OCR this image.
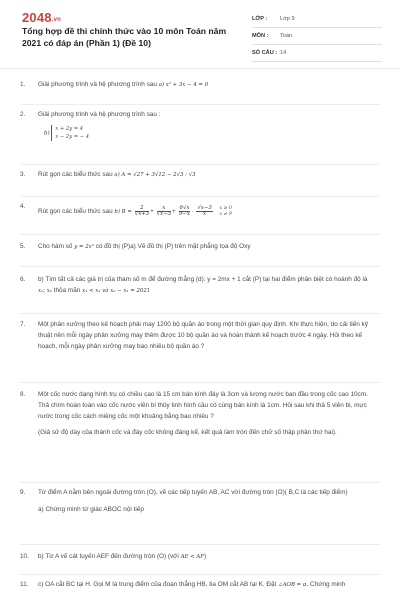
2048.vn
Tổng hợp đề thi chính thức vào 10 môn Toán năm 2021 có đáp án (Phần 1) (Đề 10)
LỚP :	Lớp 9
MÔN :	Toán
SỐ CÂU : 14
1.	Giải phương trình và hệ phương trình sau a) x² + 3x − 4 = 0

2.	Giải phương trình và hệ phương trình sau :

b)
x + 2y = 4
x − 2y = − 4

3.	Rút gọn các biểu thức sau a) A = √27 + 3√12 − 2√3 : √3

4.

Rút gọn các biểu thức sau b) $B = \frac{2}{√x+3} + \frac{x}{√x-3} + \frac{6√x}{9-x} \cdot \frac{√x-3}{x}$
x ≥ 0
x ≠ 9

5.	Cho hàm số y = 2x² có đồ thị (P)a) Vẽ đồ thị (P) trên mặt phẳng tọa độ Oxy

6.	b) Tìm tất cả các giá trị của tham số m để đường thẳng (d): y = 2mx + 1 cắt (P) tại hai điểm phân biệt có hoành độ là x₁; x₂ thỏa mãn x₁ < x₂ và x₂ − x₁ = 2021

7.	Một phân xưởng theo kế hoạch phải may 1200 bộ quần áo trong một thời gian quy định. Khi thực hiện, do cải tiến kỹ thuật nên mỗi ngày phân xưởng may thêm được 10 bộ quần áo và hoàn thành kế hoạch trước 4 ngày. Hỏi theo kế hoạch, mỗi ngày phân xưởng may bao nhiêu bộ quần áo ?

8.	Một cốc nước dạng hình trụ có chiều cao là 15 cm bán kính đáy là 3cm và lượng nước ban đầu trong cốc cao 10cm. Thả chìm hoàn toàn vào cốc nước viên bi thủy tinh hình cầu có cùng bán kính là 1cm. Hỏi sau khi thả 5 viên bi, mực nước trong cốc cách miệng cốc một khoảng bằng bao nhiêu ?

(Giả sử độ dày của thành cốc và đáy cốc không đáng kể, kết quả làm tròn đến chữ số thập phân thứ hai).

9.	Từ điểm A nằm bên ngoài đường tròn (O), vẽ các tiếp tuyến AB, AC với đường tròn (O)( B,C là các tiếp điểm)

a) Chứng minh tứ giác ABOC nội tiếp

10.	b) Từ A vẽ cát tuyến AEF đến đường tròn (O) (với AE < AF)

11.	c) OA cắt BC tại H. Gọi M là trung điểm của đoạn thẳng HB, tia OM cắt AB tại K. Đặt ∠AOB = α. Chứng minh
